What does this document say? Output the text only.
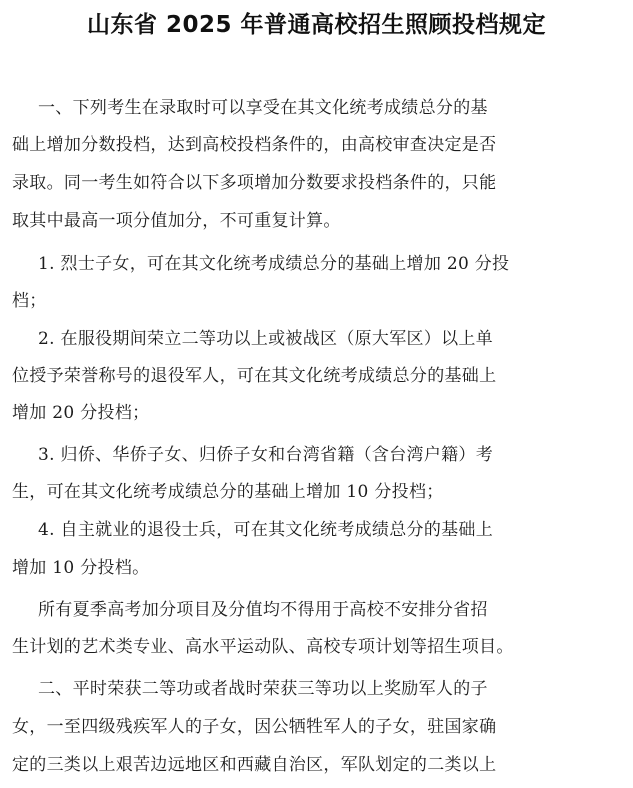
山东省 2025 年普通高校招生照顾投档规定
一、下列考生在录取时可以享受在其文化统考成绩总分的基
础上增加分数投档，达到高校投档条件的，由高校审查决定是否
录取。同一考生如符合以下多项增加分数要求投档条件的，只能
取其中最高一项分值加分，不可重复计算。
1. 烈士子女，可在其文化统考成绩总分的基础上增加 20 分投
档；
2. 在服役期间荣立二等功以上或被战区（原大军区）以上单
位授予荣誉称号的退役军人，可在其文化统考成绩总分的基础上
增加 20 分投档；
3. 归侨、华侨子女、归侨子女和台湾省籍（含台湾户籍）考
生，可在其文化统考成绩总分的基础上增加 10 分投档；
4. 自主就业的退役士兵，可在其文化统考成绩总分的基础上
增加 10 分投档。
所有夏季高考加分项目及分值均不得用于高校不安排分省招
生计划的艺术类专业、高水平运动队、高校专项计划等招生项目。
二、平时荣获二等功或者战时荣获三等功以上奖励军人的子
女，一至四级残疾军人的子女，因公牺牲军人的子女，驻国家确
定的三类以上艰苦边远地区和西藏自治区，军队划定的二类以上
